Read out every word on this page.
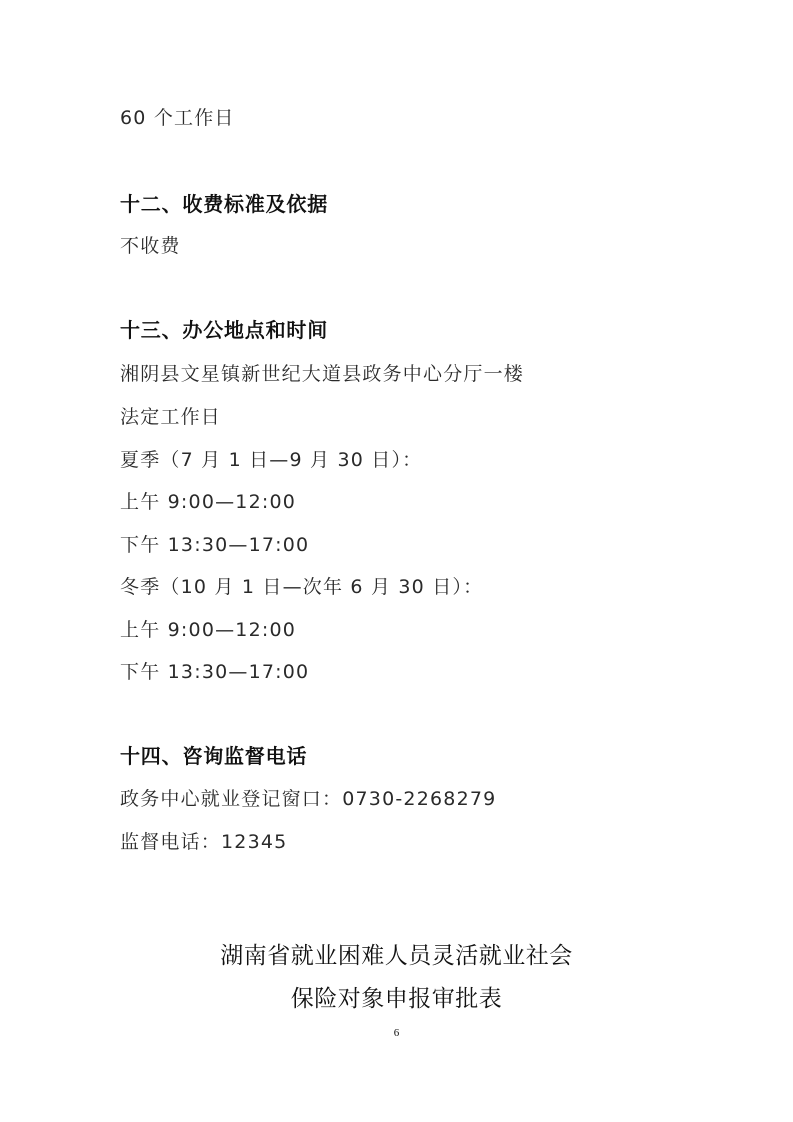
60 个工作日
十二、收费标准及依据
不收费
十三、办公地点和时间
湘阴县文星镇新世纪大道县政务中心分厅一楼
法定工作日
夏季（7 月 1 日—9 月 30 日）：
上午 9:00—12:00
下午 13:30—17:00
冬季（10 月 1 日—次年 6 月 30 日）：
上午 9:00—12:00
下午 13:30—17:00
十四、咨询监督电话
政务中心就业登记窗口：0730-2268279
监督电话：12345
湖南省就业困难人员灵活就业社会
保险对象申报审批表
6
